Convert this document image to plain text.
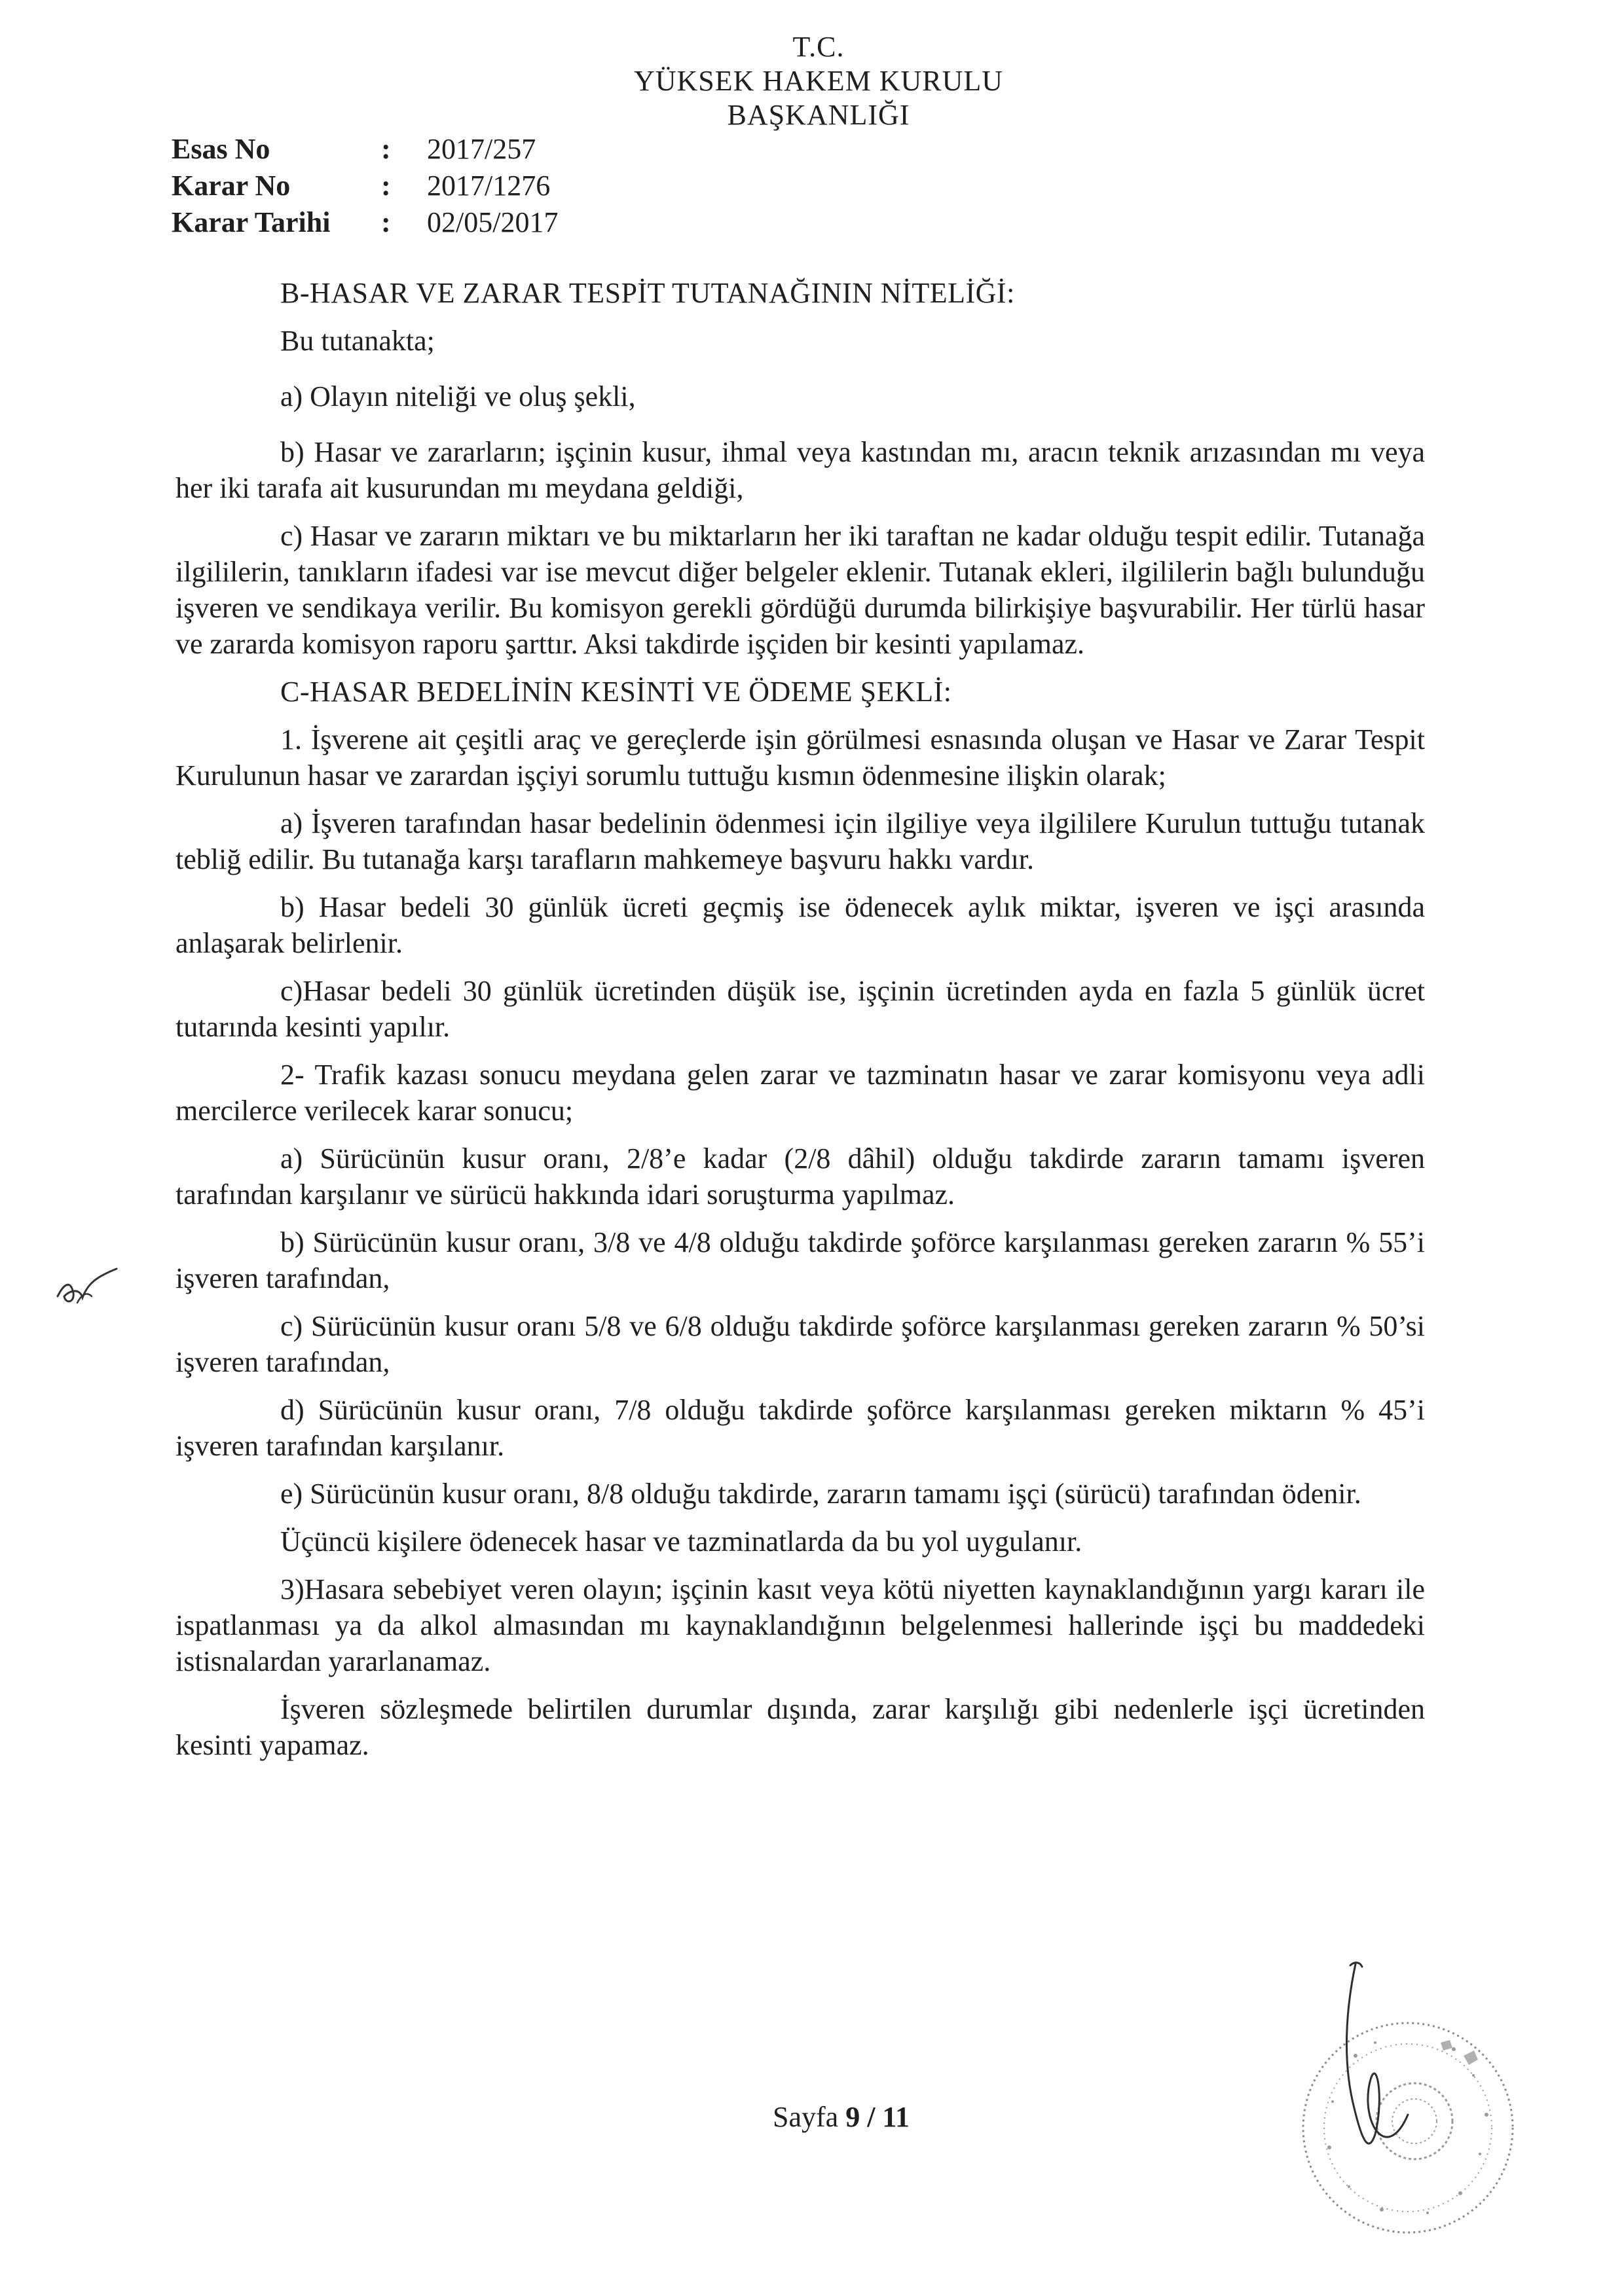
T.C.
YÜKSEK HAKEM KURULU
BAŞKANLIĞI
Esas No	:	2017/257
Karar No	:	2017/1276
Karar Tarihi	:	02/05/2017

B-HASAR VE ZARAR TESPİT TUTANAĞININ NİTELİĞİ:

Bu tutanakta;

a) Olayın niteliği ve oluş şekli,

b) Hasar ve zararların; işçinin kusur, ihmal veya kastından mı, aracın teknik arızasından mı veya her iki tarafa ait kusurundan mı meydana geldiği,

c) Hasar ve zararın miktarı ve bu miktarların her iki taraftan ne kadar olduğu tespit edilir. Tutanağa ilgililerin, tanıkların ifadesi var ise mevcut diğer belgeler eklenir. Tutanak ekleri, ilgililerin bağlı bulunduğu işveren ve sendikaya verilir. Bu komisyon gerekli gördüğü durumda bilirkişiye başvurabilir. Her türlü hasar ve zararda komisyon raporu şarttır. Aksi takdirde işçiden bir kesinti yapılamaz.

C-HASAR BEDELİNİN KESİNTİ VE ÖDEME ŞEKLİ:

1. İşverene ait çeşitli araç ve gereçlerde işin görülmesi esnasında oluşan ve Hasar ve Zarar Tespit Kurulunun hasar ve zarardan işçiyi sorumlu tuttuğu kısmın ödenmesine ilişkin olarak;

a) İşveren tarafından hasar bedelinin ödenmesi için ilgiliye veya ilgililere Kurulun tuttuğu tutanak tebliğ edilir. Bu tutanağa karşı tarafların mahkemeye başvuru hakkı vardır.

b) Hasar bedeli 30 günlük ücreti geçmiş ise ödenecek aylık miktar, işveren ve işçi arasında anlaşarak belirlenir.

c)Hasar bedeli 30 günlük ücretinden düşük ise, işçinin ücretinden ayda en fazla 5 günlük ücret tutarında kesinti yapılır.

2- Trafik kazası sonucu meydana gelen zarar ve tazminatın hasar ve zarar komisyonu veya adli mercilerce verilecek karar sonucu;

a) Sürücünün kusur oranı, 2/8’e kadar (2/8 dâhil) olduğu takdirde zararın tamamı işveren tarafından karşılanır ve sürücü hakkında idari soruşturma yapılmaz.

b) Sürücünün kusur oranı, 3/8 ve 4/8 olduğu takdirde şoförce karşılanması gereken zararın % 55’i işveren tarafından,

c) Sürücünün kusur oranı 5/8 ve 6/8 olduğu takdirde şoförce karşılanması gereken zararın % 50’si işveren tarafından,

d) Sürücünün kusur oranı, 7/8 olduğu takdirde şoförce karşılanması gereken miktarın % 45’i işveren tarafından karşılanır.

e) Sürücünün kusur oranı, 8/8 olduğu takdirde, zararın tamamı işçi (sürücü) tarafından ödenir.

Üçüncü kişilere ödenecek hasar ve tazminatlarda da bu yol uygulanır.

3)Hasara sebebiyet veren olayın; işçinin kasıt veya kötü niyetten kaynaklandığının yargı kararı ile ispatlanması ya da alkol almasından mı kaynaklandığının belgelenmesi hallerinde işçi bu maddedeki istisnalardan yararlanamaz.

İşveren sözleşmede belirtilen durumlar dışında, zarar karşılığı gibi nedenlerle işçi ücretinden kesinti yapamaz.

Sayfa 9 / 11
